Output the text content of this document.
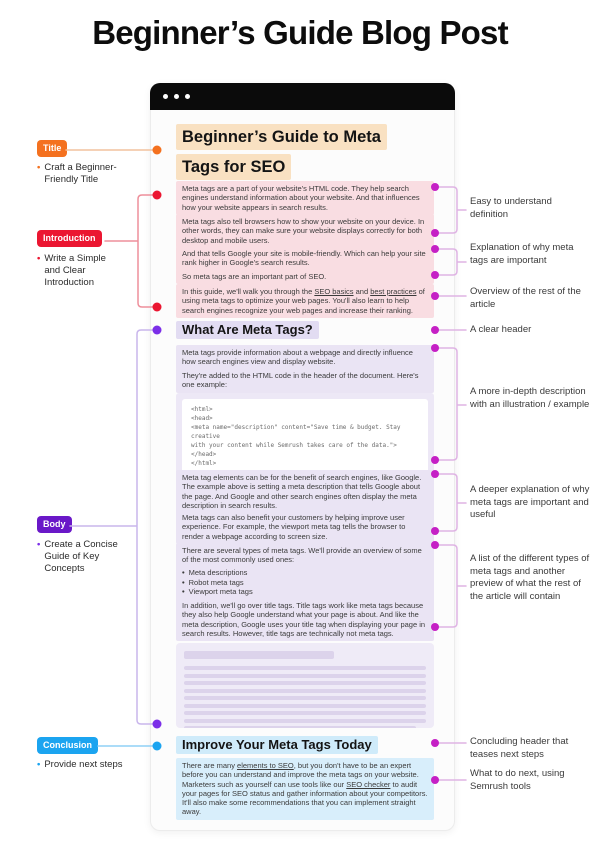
Beginner’s Guide Blog Post
Beginner’s Guide to Meta
Tags for SEO

Meta tags are a part of your website's HTML code. They help search engines understand information about your website. And that influences how your website appears in search results.

Meta tags also tell browsers how to show your website on your device. In other words, they can make sure your website displays correctly for both desktop and mobile users.

And that tells Google your site is mobile-friendly. Which can help your site rank higher in Google's search results.

So meta tags are an important part of SEO.

In this guide, we'll walk you through the SEO basics and best practices of using meta tags to optimize your web pages. You'll also learn to help search engines recognize your web pages and increase their ranking.

What Are Meta Tags?

Meta tags provide information about a webpage and directly influence how search engines view and display website.

They're added to the HTML code in the header of the document. Here's one example:

<html>
<head>
<meta name="description" content="Save time & budget. Stay creative
with your content while Semrush takes care of the data.">
</head>
</html>

Meta tag elements can be for the benefit of search engines, like Google. The example above is setting a meta description that tells Google about the page. And Google and other search engines often display the meta description in search results.

Meta tags can also benefit your customers by helping improve user experience. For example, the viewport meta tag tells the browser to render a webpage according to screen size.

There are several types of meta tags. We'll provide an overview of some of the most commonly used ones:

• Meta descriptions
• Robot meta tags
• Viewport meta tags

In addition, we'll go over title tags. Title tags work like meta tags because they also help Google understand what your page is about. And like the meta description, Google uses your title tag when displaying your page in search results. However, title tags are technically not meta tags.

Improve Your Meta Tags Today

There are many elements to SEO, but you don't have to be an expert before you can understand and improve the meta tags on your website. Marketers such as yourself can use tools like our SEO checker to audit your pages for SEO status and gather information about your competitors. It'll also make some recommendations that you can implement straight away.

Title
• Craft a Beginner-Friendly Title
Introduction
• Write a Simple and Clear Introduction
Body
• Create a Concise Guide of Key Concepts
Conclusion
• Provide next steps
Easy to understand definition
Explanation of why meta tags are important
Overview of the rest of the article
A clear header
A more in-depth description with an illustration / example
A deeper explanation of why meta tags are important and useful
A list of the different types of meta tags and another preview of what the rest of the article will contain
Concluding header that teases next steps
What to do next, using Semrush tools
